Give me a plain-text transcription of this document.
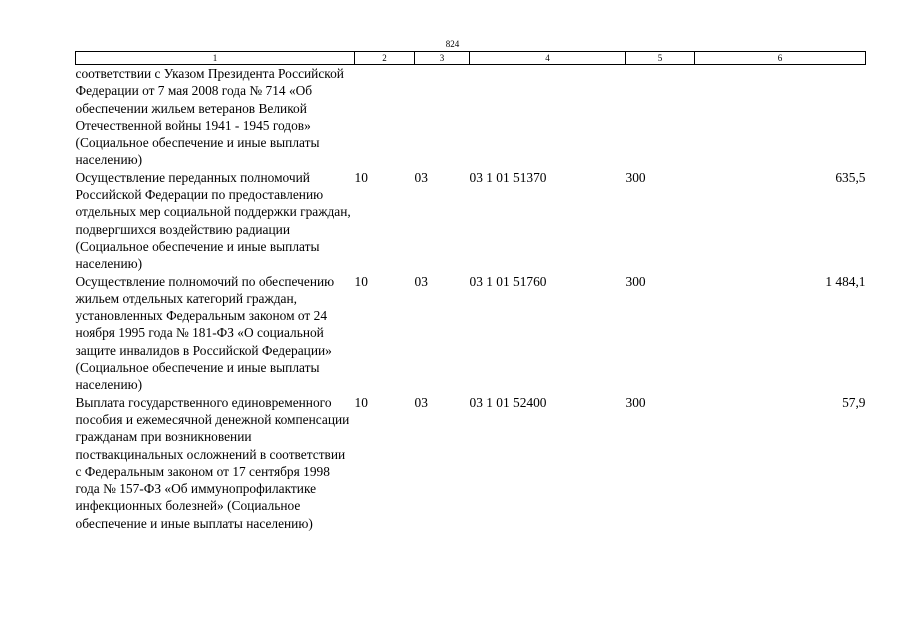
824
1	2	3	4	5	6
соответствии с Указом Президента Российской Федерации от 7 мая 2008 года № 714 «Об обеспечении жильем ветеранов Великой Отечественной войны 1941 - 1945 годов» (Социальное обеспечение и иные выплаты населению)					
Осуществление переданных полномочий Российской Федерации по предоставлению отдельных мер социальной поддержки граждан, подвергшихся воздействию радиации (Социальное обеспечение и иные выплаты населению)	10	03	03 1 01 51370	300	635,5
Осуществление полномочий по обеспечению жильем отдельных категорий граждан, установленных Федеральным законом от 24 ноября 1995 года № 181-ФЗ «О социальной защите инвалидов в Российской Федерации» (Социальное обеспечение и иные выплаты населению)	10	03	03 1 01 51760	300	1 484,1
Выплата государственного единовременного пособия и ежемесячной денежной компенсации гражданам при возникновении поствакцинальных осложнений в соответствии с Федеральным законом от 17 сентября 1998 года № 157-ФЗ «Об иммунопрофилактике инфекционных болезней» (Социальное обеспечение и иные выплаты населению)	10	03	03 1 01 52400	300	57,9
